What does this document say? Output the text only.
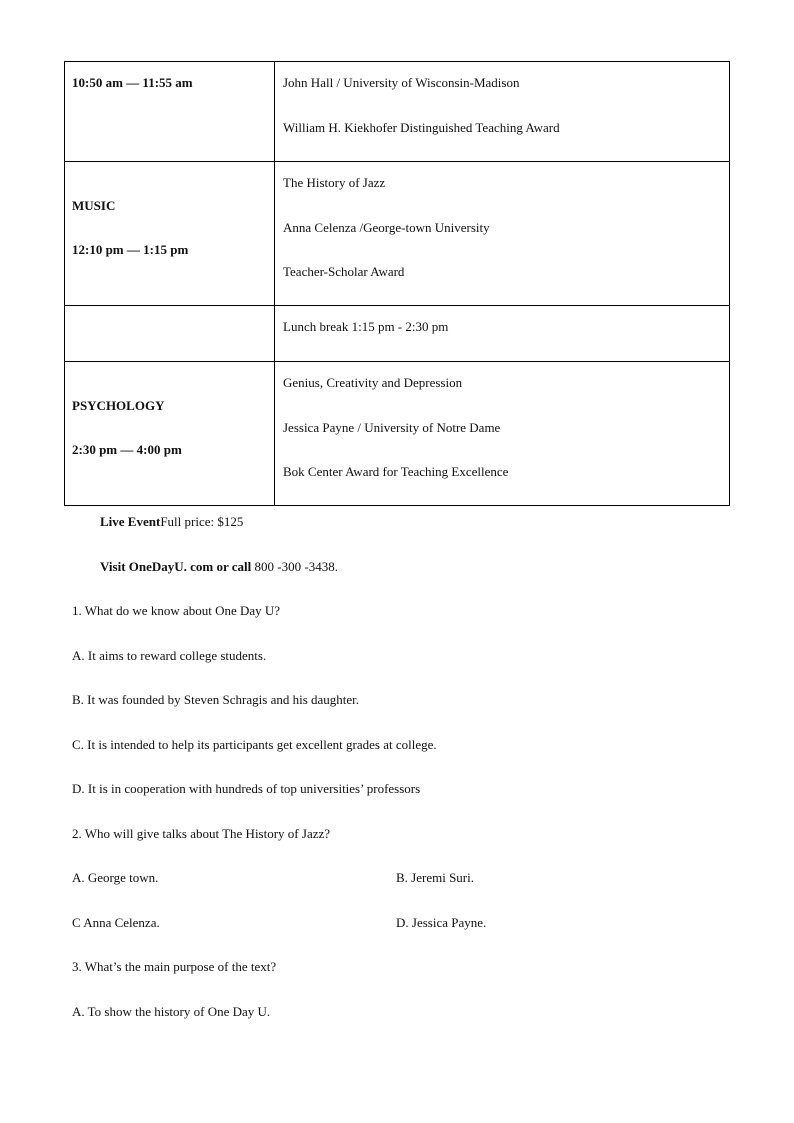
10:50 am — 11:55 am	John Hall / University of Wisconsin-Madison
William H. Kiekhofer Distinguished Teaching Award

MUSIC
12:10 pm — 1:15 pm	The History of Jazz
Anna Celenza /George-town University
Teacher-Scholar Award

	Lunch break 1:15 pm - 2:30 pm

PSYCHOLOGY
2:30 pm — 4:00 pm	Genius, Creativity and Depression
Jessica Payne / University of Notre Dame
Bok Center Award for Teaching Excellence
Live EventFull price: $125
Visit OneDayU. com or call 800 -300 -3438.
1. What do we know about One Day U?
A. It aims to reward college students.
B. It was founded by Steven Schragis and his daughter.
C. It is intended to help its participants get excellent grades at college.
D. It is in cooperation with hundreds of top universities’ professors
2. Who will give talks about The History of Jazz?
A. George town.	B. Jeremi Suri.
C Anna Celenza.	D. Jessica Payne.
3. What’s the main purpose of the text?
A. To show the history of One Day U.
